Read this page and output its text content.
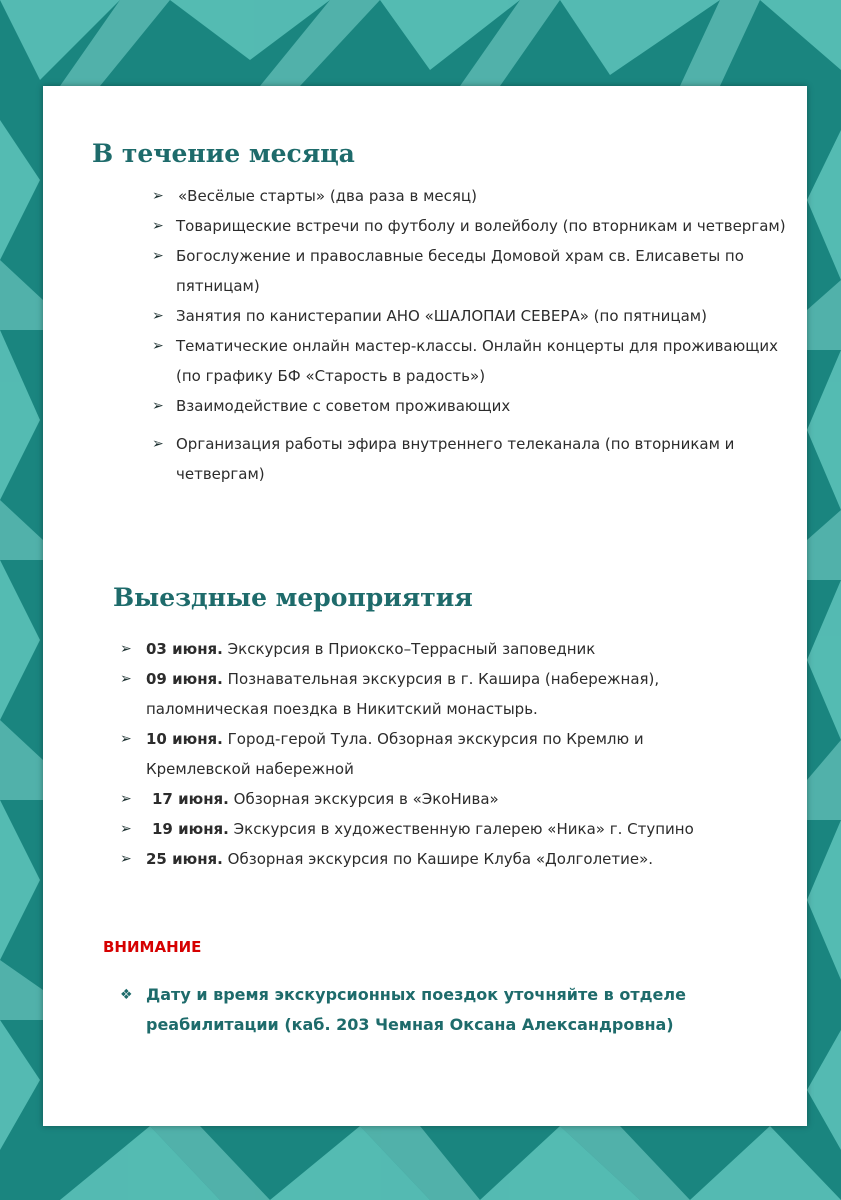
В течение месяца
➢ «Весёлые старты» (два раза в месяц)
➢ Товарищеские встречи по футболу и волейболу (по вторникам и четвергам)
➢ Богослужение и православные беседы Домовой храм св. Елисаветы по пятницам)
➢ Занятия по канистерапии АНО «ШАЛОПАИ СЕВЕРА» (по пятницам)
➢ Тематические онлайн мастер-классы. Онлайн концерты для проживающих (по графику БФ «Старость в радость»)
➢ Взаимодействие с советом проживающих
➢ Организация работы эфира внутреннего телеканала (по вторникам и четвергам)
Выездные мероприятия
➢ 03 июня. Экскурсия в Приокско–Террасный заповедник
➢ 09 июня. Познавательная экскурсия в г. Кашира (набережная), паломническая поездка в Никитский монастырь.
➢ 10 июня. Город-герой Тула. Обзорная экскурсия по Кремлю и Кремлевской набережной
➢ 17 июня. Обзорная экскурсия в «ЭкоНива»
➢ 19 июня. Экскурсия в художественную галерею «Ника» г. Ступино
➢ 25 июня. Обзорная экскурсия по Кашире Клуба «Долголетие».
ВНИМАНИЕ
❖ Дату и время экскурсионных поездок уточняйте в отделе реабилитации (каб. 203 Чемная Оксана Александровна)
